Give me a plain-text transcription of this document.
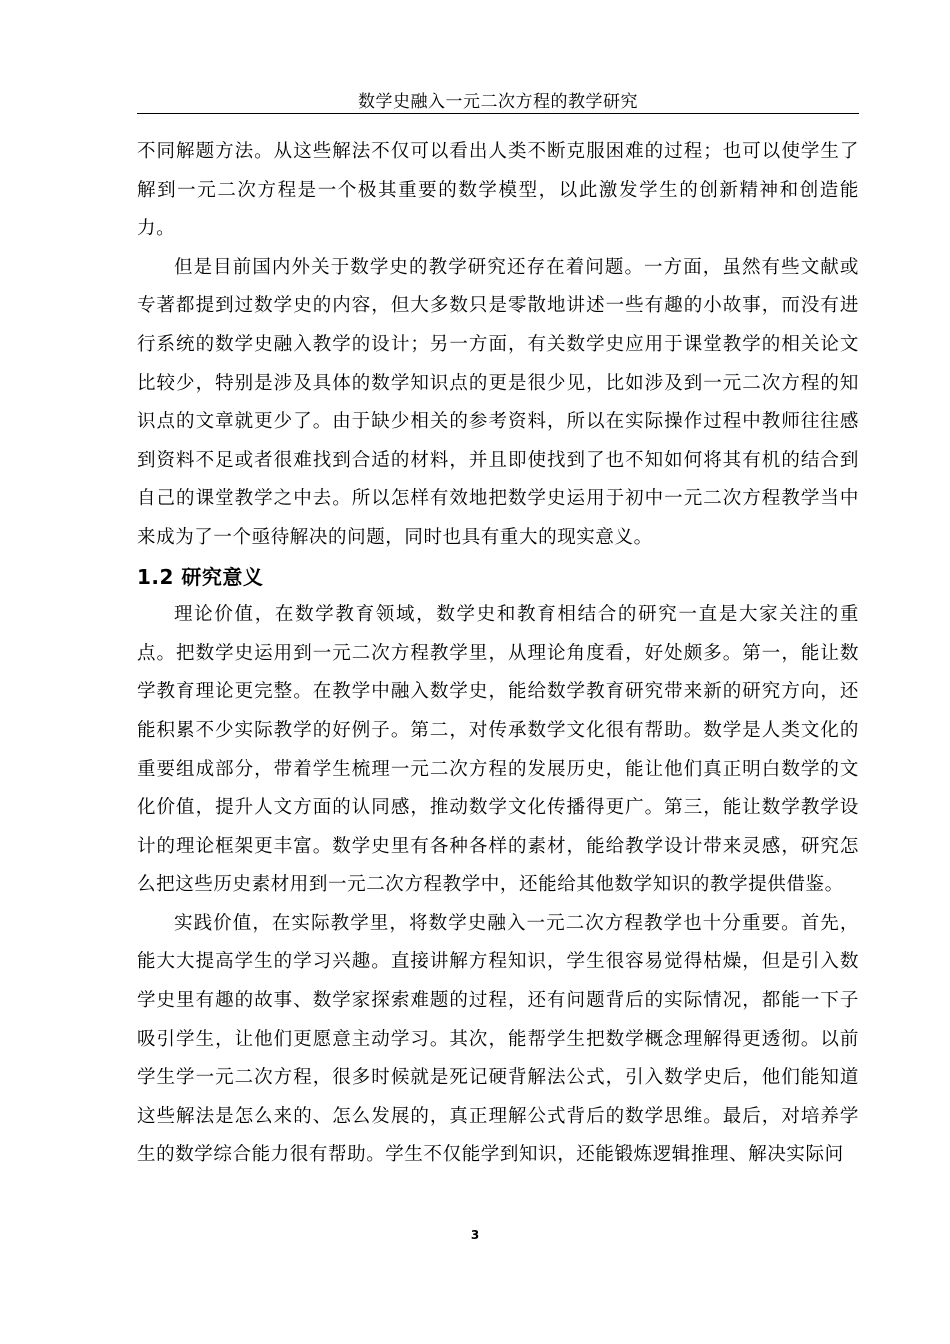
数学史融入一元二次方程的教学研究

不同解题方法。从这些解法不仅可以看出人类不断克服困难的过程；也可以使学生了解到一元二次方程是一个极其重要的数学模型，以此激发学生的创新精神和创造能力。

但是目前国内外关于数学史的教学研究还存在着问题。一方面，虽然有些文献或专著都提到过数学史的内容，但大多数只是零散地讲述一些有趣的小故事，而没有进行系统的数学史融入教学的设计；另一方面，有关数学史应用于课堂教学的相关论文比较少，特别是涉及具体的数学知识点的更是很少见，比如涉及到一元二次方程的知识点的文章就更少了。由于缺少相关的参考资料，所以在实际操作过程中教师往往感到资料不足或者很难找到合适的材料，并且即使找到了也不知如何将其有机的结合到自己的课堂教学之中去。所以怎样有效地把数学史运用于初中一元二次方程教学当中来成为了一个亟待解决的问题，同时也具有重大的现实意义。

1.2 研究意义

理论价值，在数学教育领域，数学史和教育相结合的研究一直是大家关注的重点。把数学史运用到一元二次方程教学里，从理论角度看，好处颇多。第一，能让数学教育理论更完整。在教学中融入数学史，能给数学教育研究带来新的研究方向，还能积累不少实际教学的好例子。第二，对传承数学文化很有帮助。数学是人类文化的重要组成部分，带着学生梳理一元二次方程的发展历史，能让他们真正明白数学的文化价值，提升人文方面的认同感，推动数学文化传播得更广。第三，能让数学教学设计的理论框架更丰富。数学史里有各种各样的素材，能给教学设计带来灵感，研究怎么把这些历史素材用到一元二次方程教学中，还能给其他数学知识的教学提供借鉴。

实践价值，在实际教学里，将数学史融入一元二次方程教学也十分重要。首先，能大大提高学生的学习兴趣。直接讲解方程知识，学生很容易觉得枯燥，但是引入数学史里有趣的故事、数学家探索难题的过程，还有问题背后的实际情况，都能一下子吸引学生，让他们更愿意主动学习。其次，能帮学生把数学概念理解得更透彻。以前学生学一元二次方程，很多时候就是死记硬背解法公式，引入数学史后，他们能知道这些解法是怎么来的、怎么发展的，真正理解公式背后的数学思维。最后，对培养学生的数学综合能力很有帮助。学生不仅能学到知识，还能锻炼逻辑推理、解决实际问

3
